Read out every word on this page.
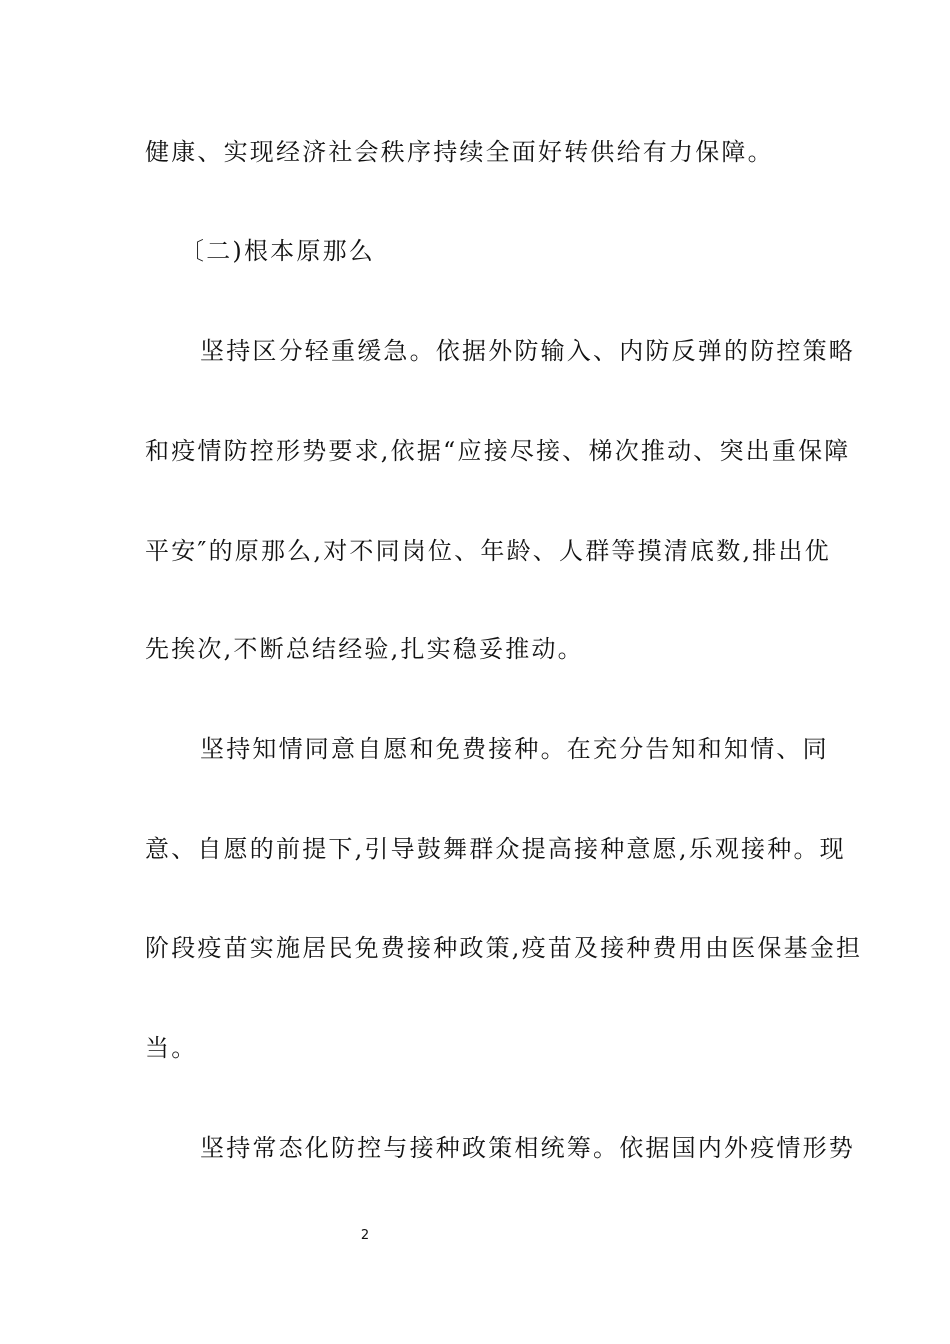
健康、实现经济社会秩序持续全面好转供给有力保障。
〔二)根本原那么
坚持区分轻重缓急。依据外防输入、内防反弹的防控策略
和疫情防控形势要求,依据“应接尽接、梯次推动、突出重保障
平安″的原那么,对不同岗位、年龄、人群等摸清底数,排出优
先挨次,不断总结经验,扎实稳妥推动。
坚持知情同意自愿和免费接种。在充分告知和知情、同
意、自愿的前提下,引导鼓舞群众提高接种意愿,乐观接种。现
阶段疫苗实施居民免费接种政策,疫苗及接种费用由医保基金担
当。
坚持常态化防控与接种政策相统筹。依据国内外疫情形势
2
